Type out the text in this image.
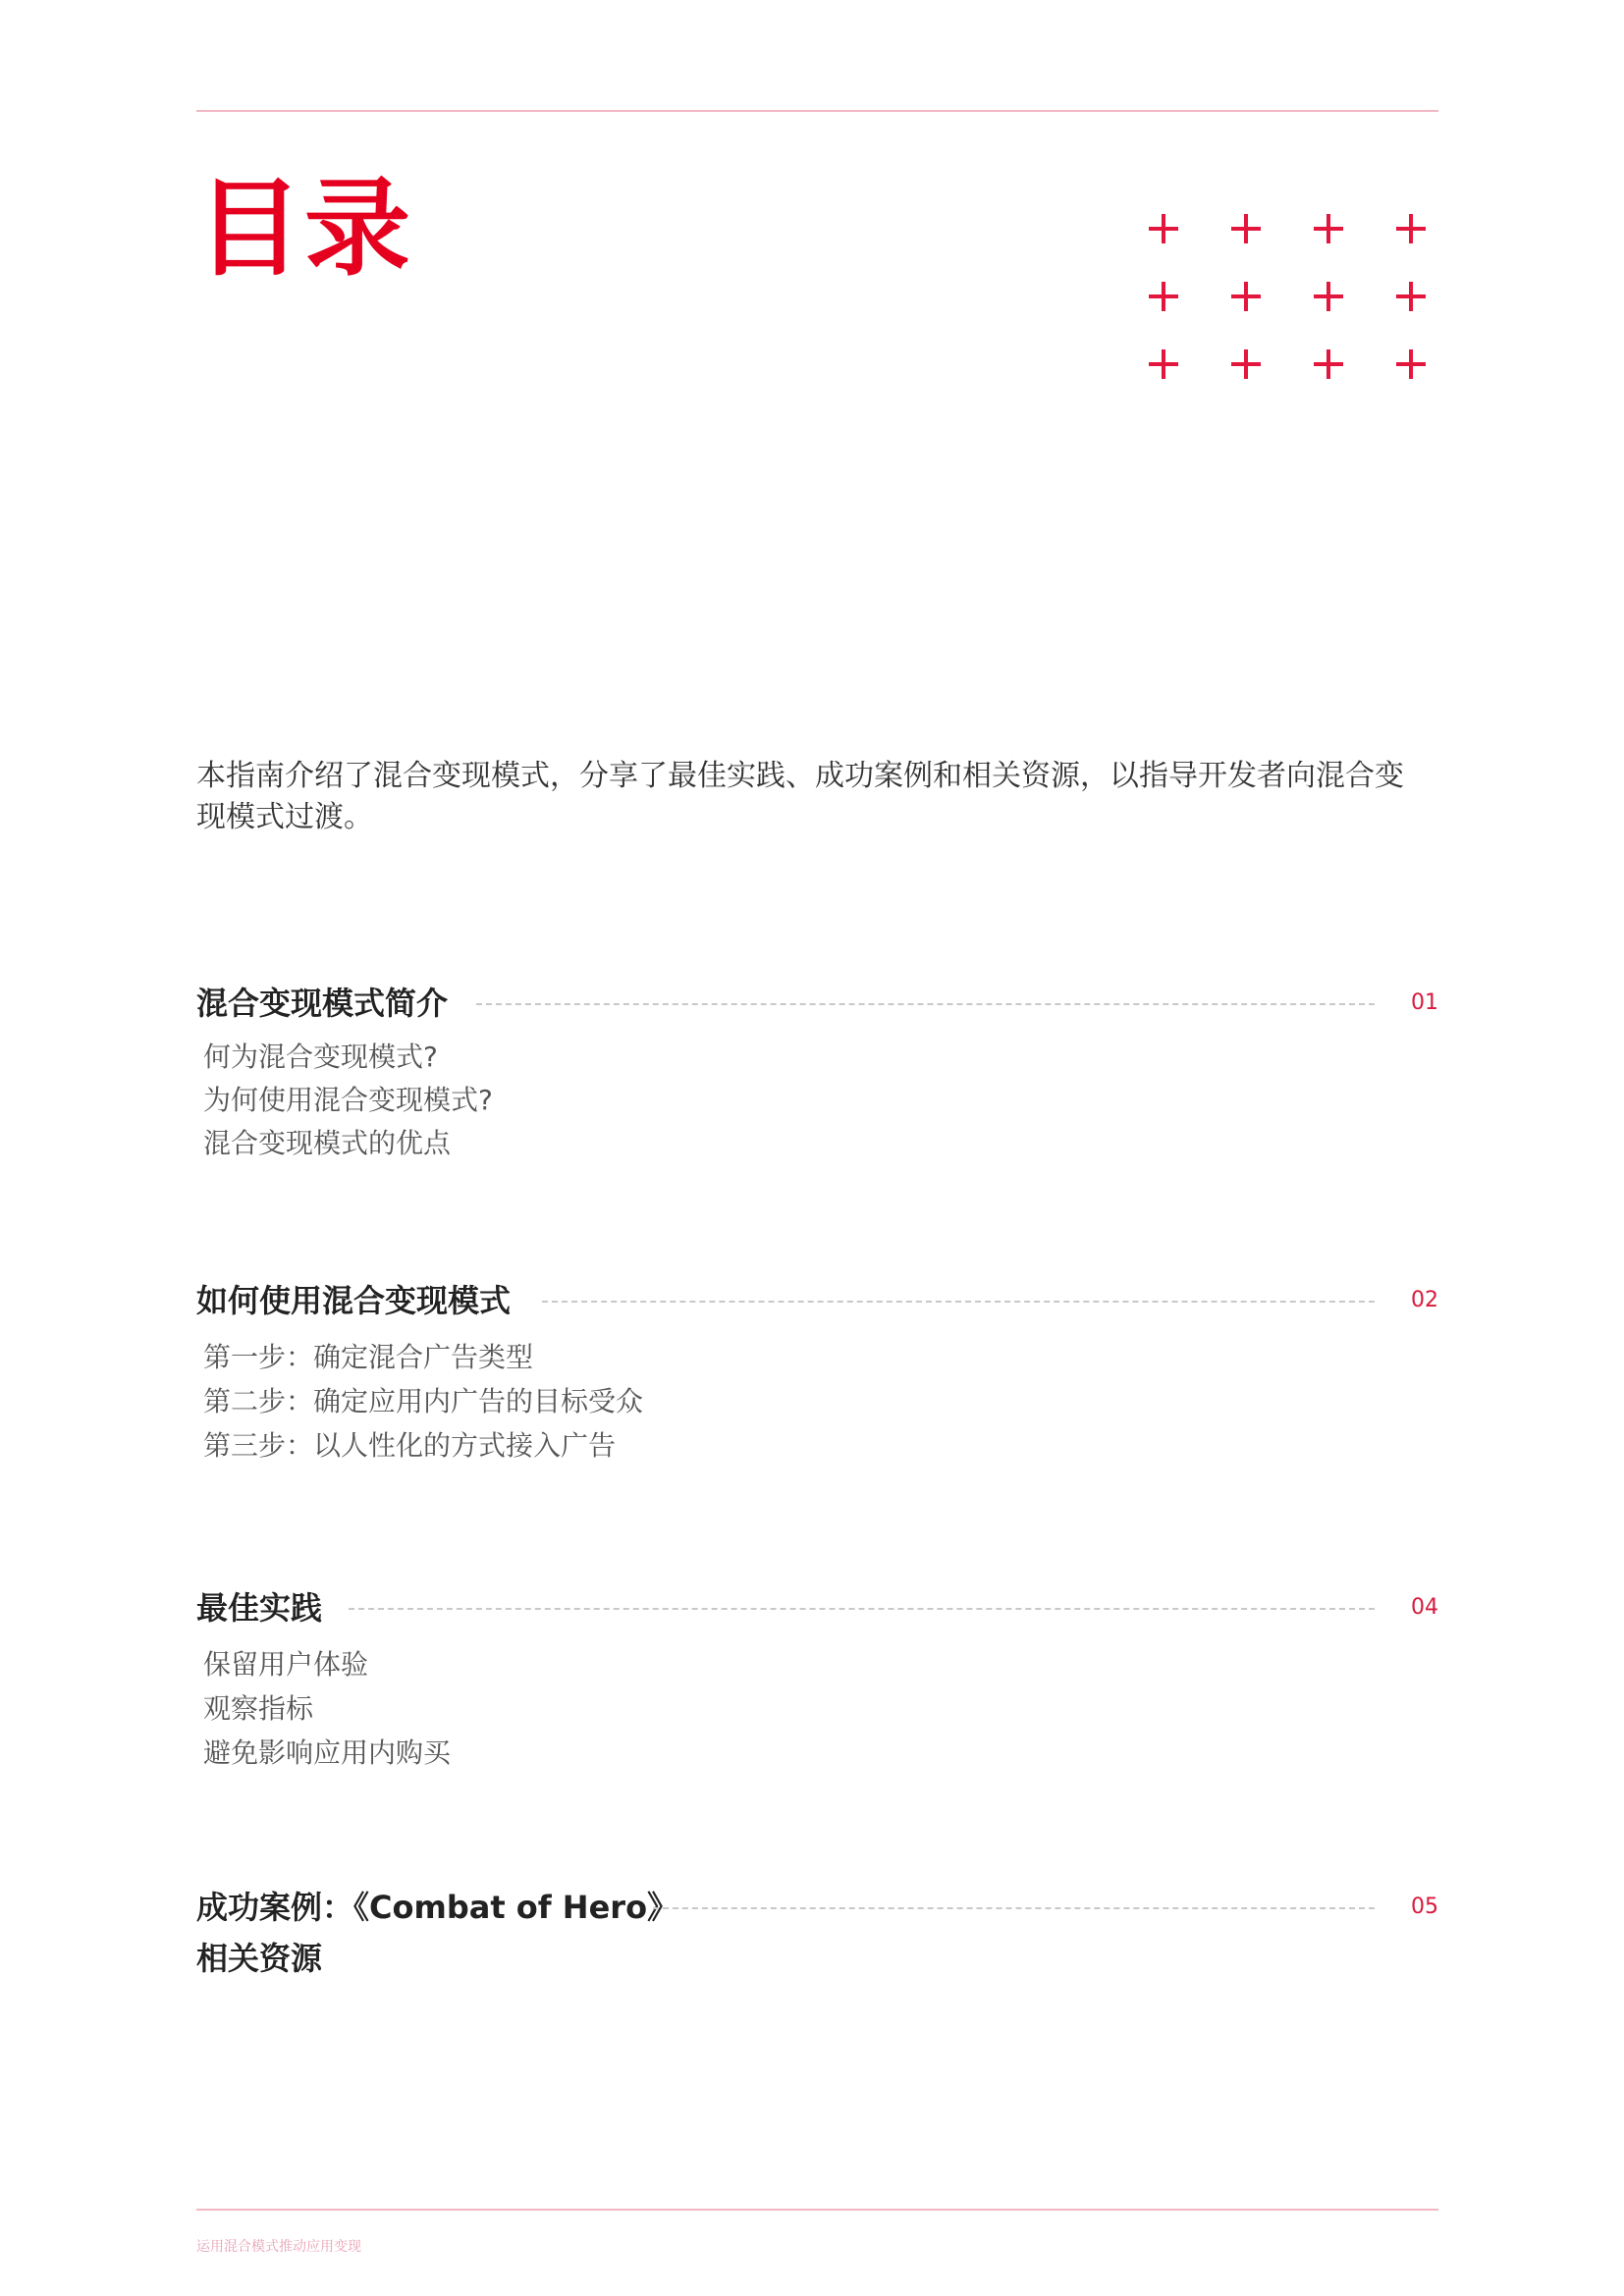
目录

本指南介绍了混合变现模式，分享了最佳实践、成功案例和相关资源，以指导开发者向混合变现模式过渡。

混合变现模式简介	01
何为混合变现模式?
为何使用混合变现模式?
混合变现模式的优点
如何使用混合变现模式	02
第一步：确定混合广告类型
第二步：确定应用内广告的目标受众
第三步：以人性化的方式接入广告
最佳实践	04
保留用户体验
观察指标
避免影响应用内购买
成功案例：《Combat of Hero》	05
相关资源
运用混合模式推动应用变现
